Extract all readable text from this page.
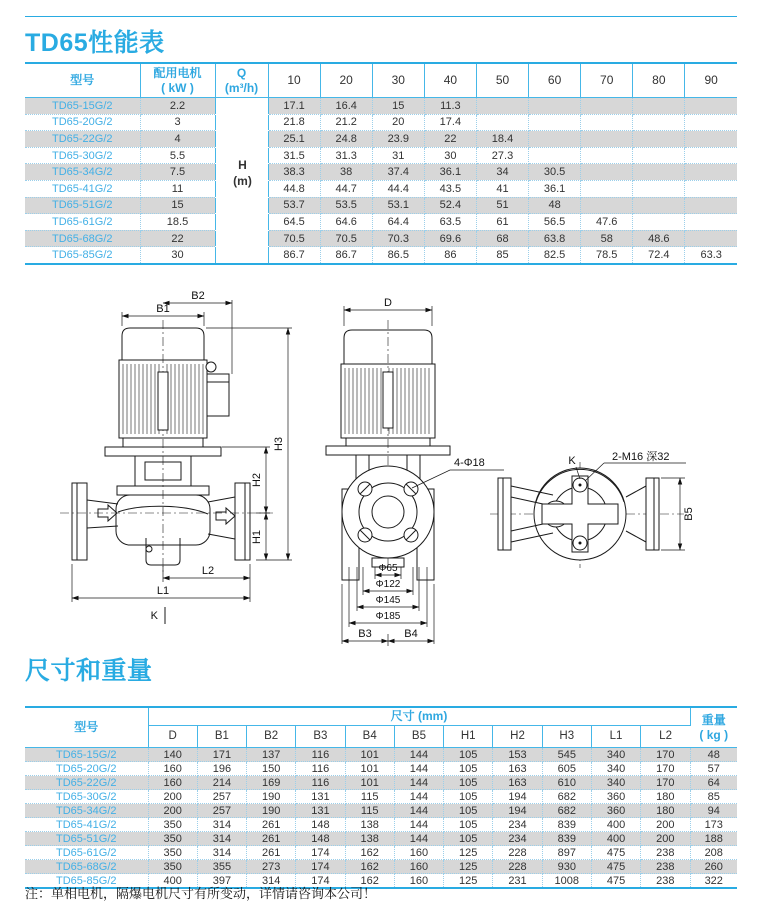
TD65性能表
型号	
配用电机
( kW )

Q
(m³/h)
	10	20	30	40	50	60	70	80	90
TD65-15G/2	2.2		17.1	16.4	15	11.3					
TD65-20G/2	3		21.8	21.2	20	17.4					
TD65-22G/2	4		25.1	24.8	23.9	22	18.4				
TD65-30G/2	5.5		31.5	31.3	31	30	27.3				
TD65-34G/2	7.5		38.3	38	37.4	36.1	34	30.5			
TD65-41G/2	11		44.8	44.7	44.4	43.5	41	36.1			
TD65-51G/2	15		53.7	53.5	53.1	52.4	51	48			
TD65-61G/2	18.5		64.5	64.6	64.4	63.5	61	56.5	47.6		
TD65-68G/2	22		70.5	70.5	70.3	69.6	68	63.8	58	48.6	
TD65-85G/2	30		86.7	86.7	86.5	86	85	82.5	78.5	72.4	63.3
H
(m)
B2
B1
H3
H2
H1
L2
L1
K
D
4-Φ18
Φ65
Φ122
Φ145
Φ185
B3	B4
K	2-M16 深32
B5
尺寸和重量
型号	尺寸 (mm)											重量
( kg )

	D	B1	B2	B3	B4	B5	H1	H2	H3	L1	L2	
TD65-15G/2	140	171	137	116	101	144	105	153	545	340	170	48
TD65-20G/2	160	196	150	116	101	144	105	163	605	340	170	57
TD65-22G/2	160	214	169	116	101	144	105	163	610	340	170	64
TD65-30G/2	200	257	190	131	115	144	105	194	682	360	180	85
TD65-34G/2	200	257	190	131	115	144	105	194	682	360	180	94
TD65-41G/2	350	314	261	148	138	144	105	234	839	400	200	173
TD65-51G/2	350	314	261	148	138	144	105	234	839	400	200	188
TD65-61G/2	350	314	261	174	162	160	125	228	897	475	238	208
TD65-68G/2	350	355	273	174	162	160	125	228	930	475	238	260
TD65-85G/2	400	397	314	174	162	160	125	231	1008	475	238	322

注：单相电机，隔爆电机尺寸有所变动，详情请咨询本公司！
